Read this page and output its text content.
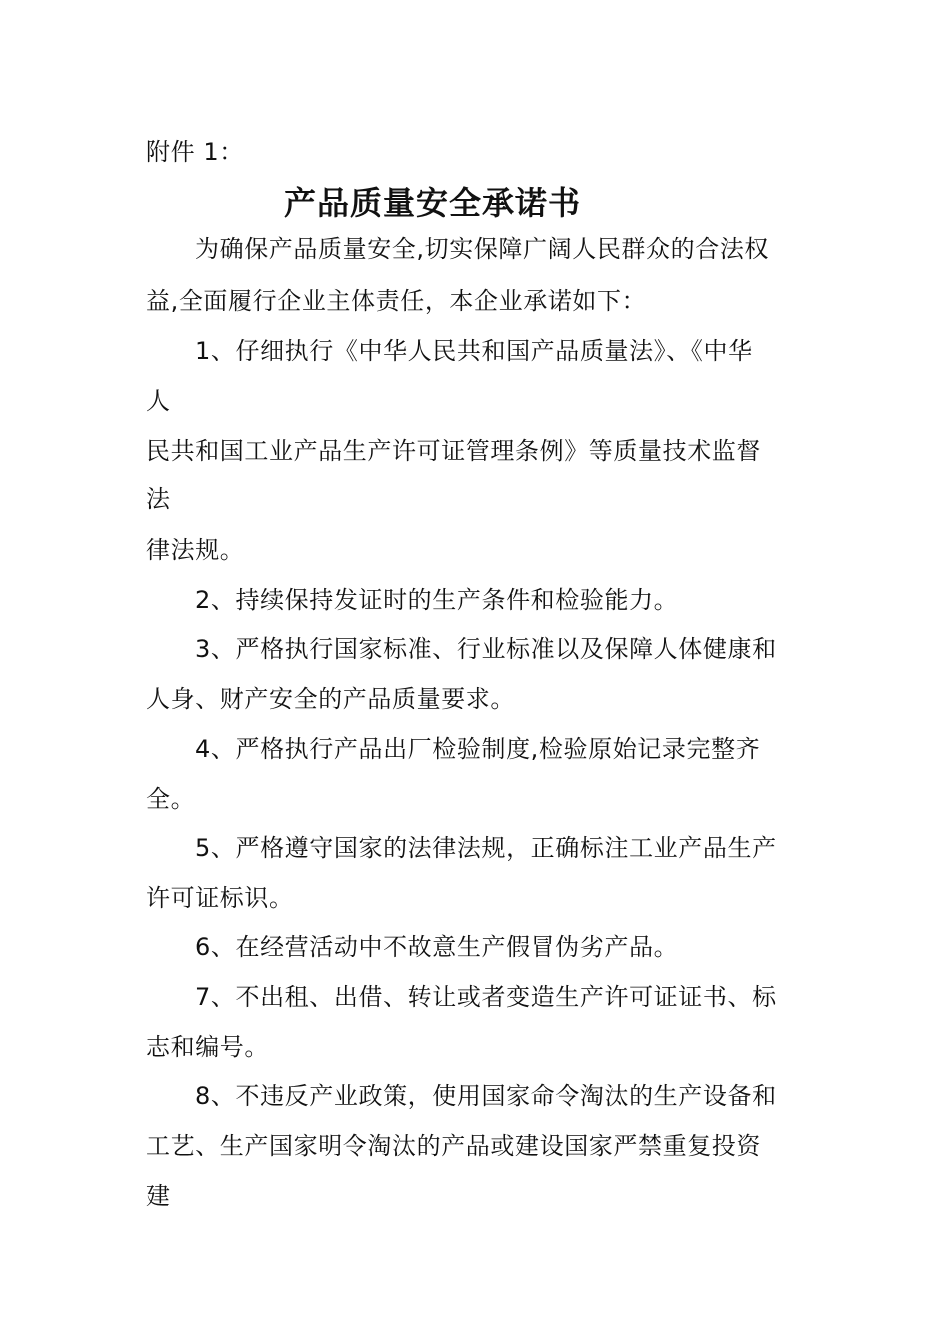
附件 1：
产品质量安全承诺书
为确保产品质量安全,切实保障广阔人民群众的合法权
益,全面履行企业主体责任，本企业承诺如下：
1、仔细执行《中华人民共和国产品质量法》、《中华
人
民共和国工业产品生产许可证管理条例》等质量技术监督
法
律法规。
2、持续保持发证时的生产条件和检验能力。
3、严格执行国家标准、行业标准以及保障人体健康和
人身、财产安全的产品质量要求。
4、严格执行产品出厂检验制度,检验原始记录完整齐
全。
5、严格遵守国家的法律法规，正确标注工业产品生产
许可证标识。
6、在经营活动中不故意生产假冒伪劣产品。
7、不出租、出借、转让或者变造生产许可证证书、标
志和编号。
8、不违反产业政策，使用国家命令淘汰的生产设备和
工艺、生产国家明令淘汰的产品或建设国家严禁重复投资
建
